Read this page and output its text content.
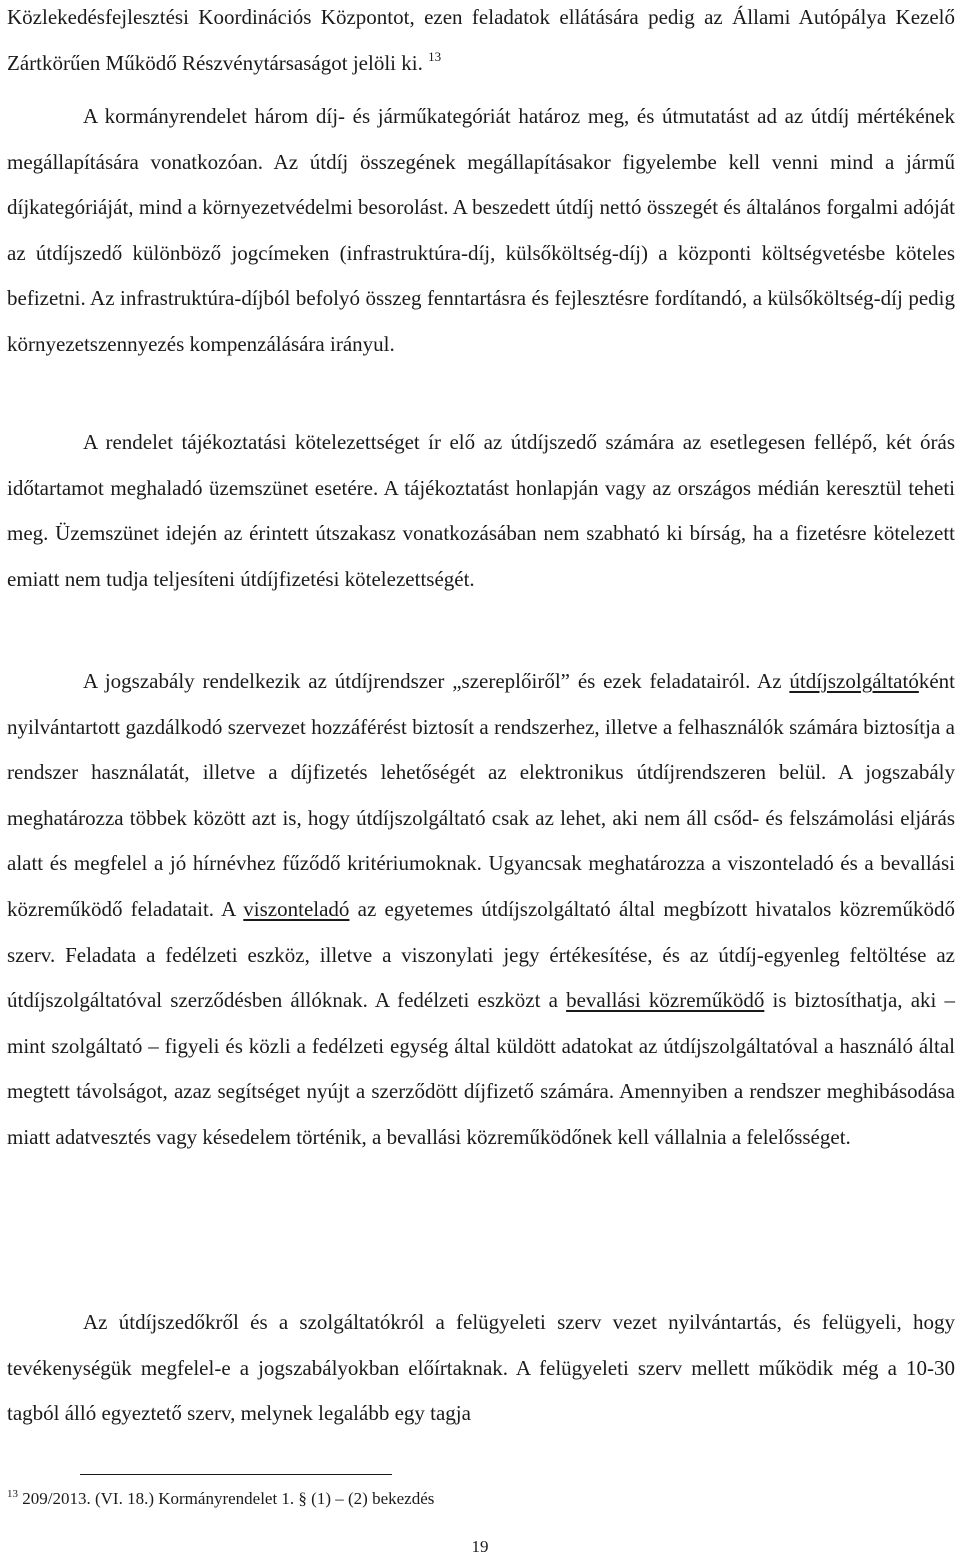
Közlekedésfejlesztési Koordinációs Központot, ezen feladatok ellátására pedig az Állami Autópálya Kezelő Zártkörűen Működő Részvénytársaságot jelöli ki. $^{13}$

A kormányrendelet három díj- és járműkategóriát határoz meg, és útmutatást ad az útdíj mértékének megállapítására vonatkozóan. Az útdíj összegének megállapításakor figyelembe kell venni mind a jármű díjkategóriáját, mind a környezetvédelmi besorolást. A beszedett útdíj nettó összegét és általános forgalmi adóját az útdíjszedő különböző jogcímeken (infrastruktúra-díj, külsőköltség-díj) a központi költségvetésbe köteles befizetni. Az infrastruktúra-díjból befolyó összeg fenntartásra és fejlesztésre fordítandó, a külsőköltség-díj pedig környezetszennyezés kompenzálására irányul.

A rendelet tájékoztatási kötelezettséget ír elő az útdíjszedő számára az esetlegesen fellépő, két órás időtartamot meghaladó üzemszünet esetére. A tájékoztatást honlapján vagy az országos médián keresztül teheti meg. Üzemszünet idején az érintett útszakasz vonatkozásában nem szabható ki bírság, ha a fizetésre kötelezett emiatt nem tudja teljesíteni útdíjfizetési kötelezettségét.

A jogszabály rendelkezik az útdíjrendszer „szereplőiről” és ezek feladatairól. Az útdíjszolgáltatóként nyilvántartott gazdálkodó szervezet hozzáférést biztosít a rendszerhez, illetve a felhasználók számára biztosítja a rendszer használatát, illetve a díjfizetés lehetőségét az elektronikus útdíjrendszeren belül. A jogszabály meghatározza többek között azt is, hogy útdíjszolgáltató csak az lehet, aki nem áll csőd- és felszámolási eljárás alatt és megfelel a jó hírnévhez fűződő kritériumoknak. Ugyancsak meghatározza a viszonteladó és a bevallási közreműködő feladatait. A viszonteladó az egyetemes útdíjszolgáltató által megbízott hivatalos közreműködő szerv. Feladata a fedélzeti eszköz, illetve a viszonylati jegy értékesítése, és az útdíj-egyenleg feltöltése az útdíjszolgáltatóval szerződésben állóknak. A fedélzeti eszközt a bevallási közreműködő is biztosíthatja, aki – mint szolgáltató – figyeli és közli a fedélzeti egység által küldött adatokat az útdíjszolgáltatóval a használó által megtett távolságot, azaz segítséget nyújt a szerződött díjfizető számára. Amennyiben a rendszer meghibásodása miatt adatvesztés vagy késedelem történik, a bevallási közreműködőnek kell vállalnia a felelősséget.

Az útdíjszedőkről és a szolgáltatókról a felügyeleti szerv vezet nyilvántartás, és felügyeli, hogy tevékenységük megfelel-e a jogszabályokban előírtaknak. A felügyeleti szerv mellett működik még a 10-30 tagból álló egyeztető szerv, melynek legalább egy tagja

$^{13}$ 209/2013. (VI. 18.) Kormányrendelet 1. § (1) – (2) bekezdés
19
